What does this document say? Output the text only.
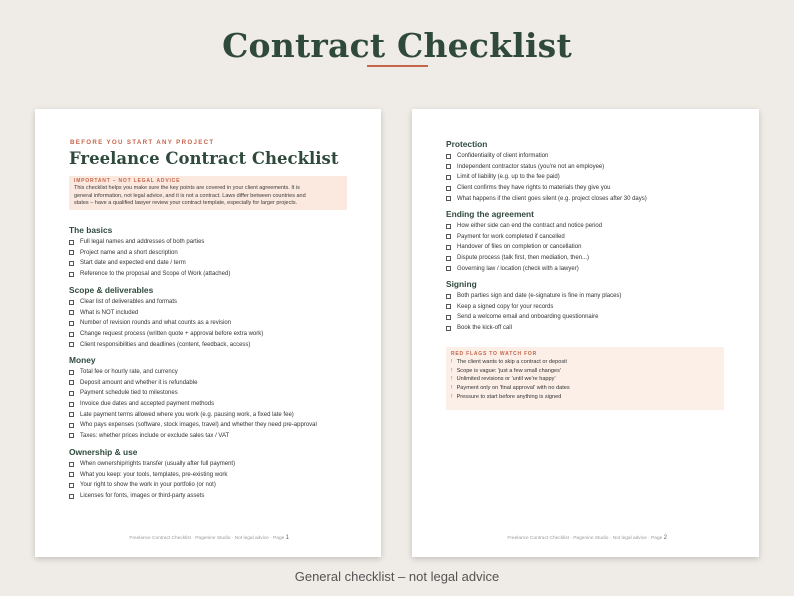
Contract Checklist
BEFORE YOU START ANY PROJECT
Freelance Contract Checklist
IMPORTANT – NOT LEGAL ADVICE
This checklist helps you make sure the key points are covered in your client agreements. It is
general information, not legal advice, and it is not a contract. Laws differ between countries and
states – have a qualified lawyer review your contract template, especially for larger projects.
The basics
Full legal names and addresses of both parties
Project name and a short description
Start date and expected end date / term
Reference to the proposal and Scope of Work (attached)
Scope & deliverables
Clear list of deliverables and formats
What is NOT included
Number of revision rounds and what counts as a revision
Change request process (written quote + approval before extra work)
Client responsibilities and deadlines (content, feedback, access)
Money
Total fee or hourly rate, and currency
Deposit amount and whether it is refundable
Payment schedule tied to milestones
Invoice due dates and accepted payment methods
Late payment terms allowed where you work (e.g. pausing work, a fixed late fee)
Who pays expenses (software, stock images, travel) and whether they need pre-approval
Taxes: whether prices include or exclude sales tax / VAT
Ownership & use
When ownership/rights transfer (usually after full payment)
What you keep: your tools, templates, pre-existing work
Your right to show the work in your portfolio (or not)
Licenses for fonts, images or third-party assets
Freelance Contract Checklist · Pagenine Studio · Not legal advice · Page 1
Protection
Confidentiality of client information
Independent contractor status (you're not an employee)
Limit of liability (e.g. up to the fee paid)
Client confirms they have rights to materials they give you
What happens if the client goes silent (e.g. project closes after 30 days)
Ending the agreement
How either side can end the contract and notice period
Payment for work completed if cancelled
Handover of files on completion or cancellation
Dispute process (talk first, then mediation, then...)
Governing law / location (check with a lawyer)
Signing
Both parties sign and date (e-signature is fine in many places)
Keep a signed copy for your records
Send a welcome email and onboarding questionnaire
Book the kick-off call
RED FLAGS TO WATCH FOR
! The client wants to skip a contract or deposit
! Scope is vague: 'just a few small changes'
! Unlimited revisions or 'until we're happy'
! Payment only on 'final approval' with no dates
! Pressure to start before anything is signed
Freelance Contract Checklist · Pagenine Studio · Not legal advice · Page 2
General checklist – not legal advice
